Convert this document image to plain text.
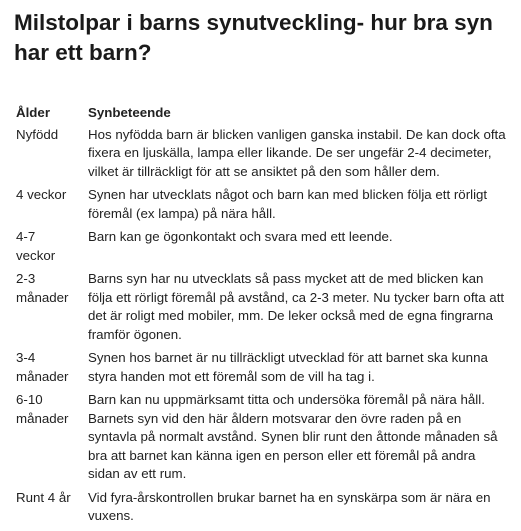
Milstolpar i barns synutveckling- hur bra syn har ett barn?
Ålder	Synbeteende
Nyfödd	Hos nyfödda barn är blicken vanligen ganska instabil. De kan dock ofta fixera en ljuskälla, lampa eller likande. De ser ungefär 2-4 decimeter, vilket är tillräckligt för att se ansiktet på den som håller dem.
4 veckor	Synen har utvecklats något och barn kan med blicken följa ett rörligt föremål (ex lampa) på nära håll.
4-7 veckor	Barn kan ge ögonkontakt och svara med ett leende.
2-3 månader	Barns syn har nu utvecklats så pass mycket att de med blicken kan följa ett rörligt föremål på avstånd, ca 2-3 meter. Nu tycker barn ofta att det är roligt med mobiler, mm. De leker också med de egna fingrarna framför ögonen.
3-4 månader	Synen hos barnet är nu tillräckligt utvecklad för att barnet ska kunna styra handen mot ett föremål som de vill ha tag i.
6-10 månader	Barn kan nu uppmärksamt titta och undersöka föremål på nära håll. Barnets syn vid den här åldern motsvarar den övre raden på en syntavla på normalt avstånd. Synen blir runt den åttonde månaden så bra att barnet kan känna igen en person eller ett föremål på andra sidan av ett rum.
Runt 4 år	Vid fyra-årskontrollen brukar barnet ha en synskärpa som är nära en vuxens.
